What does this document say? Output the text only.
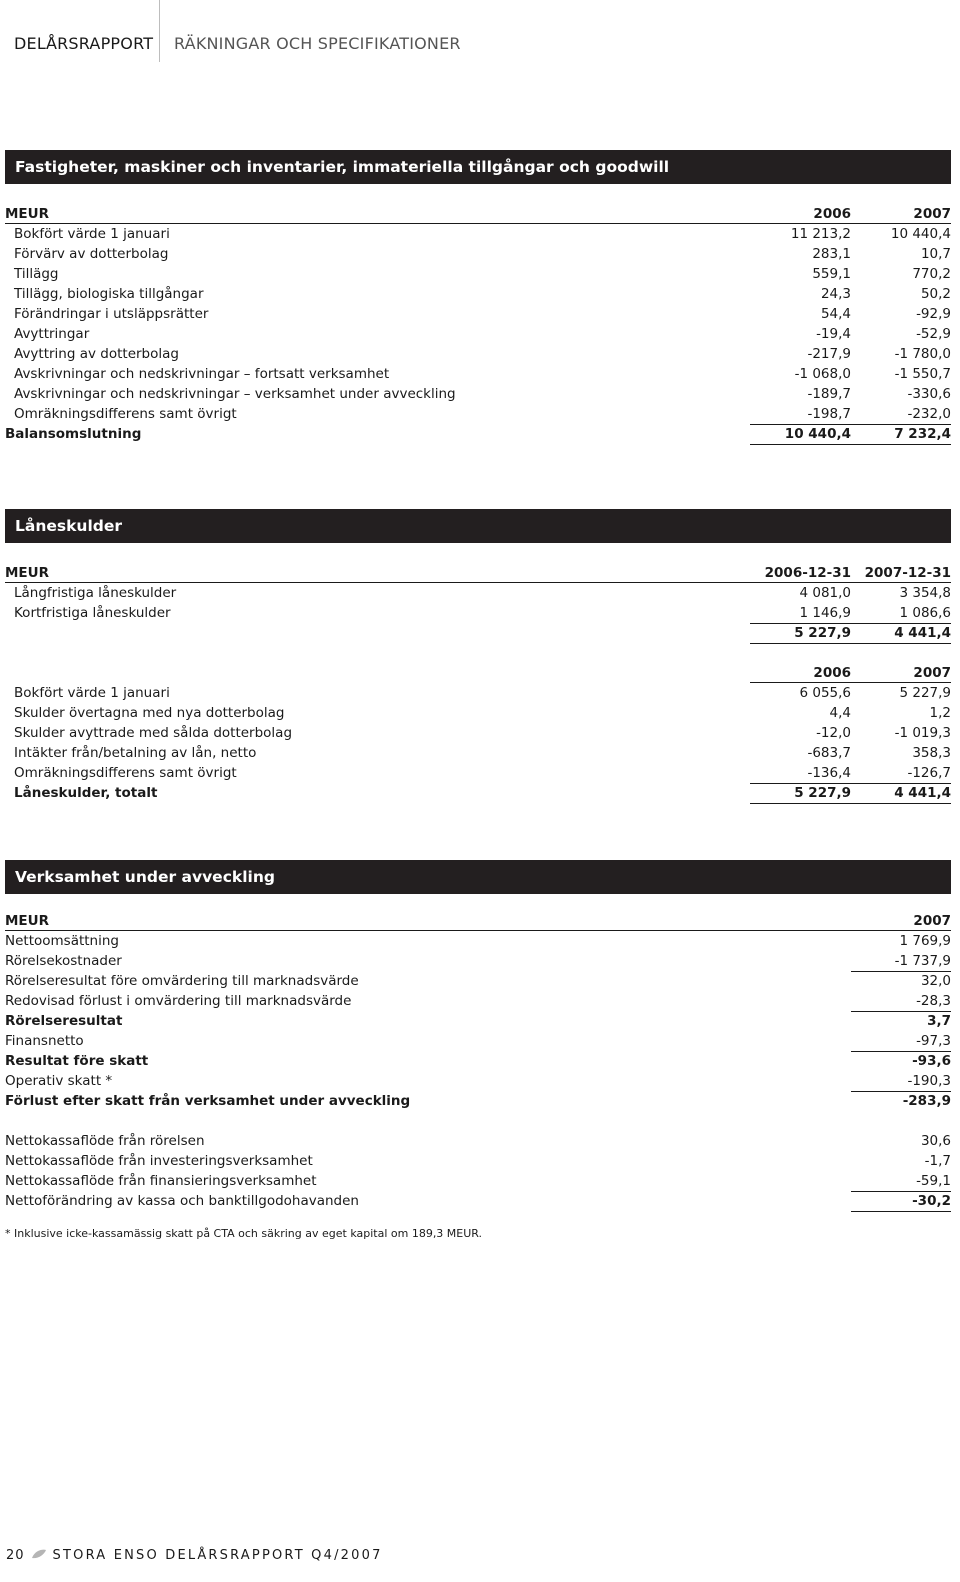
DELÅRSRAPPORT RÄKNINGAR OCH SPECIFIKATIONER
Fastigheter, maskiner och inventarier, immateriella tillgångar och goodwill
MEUR	2006	2007
Bokfört värde 1 januari	11 213,2	10 440,4
Förvärv av dotterbolag	283,1	10,7
Tillägg	559,1	770,2
Tillägg, biologiska tillgångar	24,3	50,2
Förändringar i utsläppsrätter	54,4	-92,9
Avyttringar	-19,4	-52,9
Avyttring av dotterbolag	-217,9	-1 780,0
Avskrivningar och nedskrivningar – fortsatt verksamhet	-1 068,0	-1 550,7
Avskrivningar och nedskrivningar – verksamhet under avveckling	-189,7	-330,6
Omräkningsdifferens samt övrigt	-198,7	-232,0
Balansomslutning	10 440,4	7 232,4
Låneskulder
MEUR	2006-12-31	2007-12-31
Långfristiga låneskulder	4 081,0	3 354,8
Kortfristiga låneskulder	1 146,9	1 086,6
5 227,9	4 441,4
2006	2007
Bokfört värde 1 januari	6 055,6	5 227,9
Skulder övertagna med nya dotterbolag	4,4	1,2
Skulder avyttrade med sålda dotterbolag	-12,0	-1 019,3
Intäkter från/betalning av lån, netto	-683,7	358,3
Omräkningsdifferens samt övrigt	-136,4	-126,7
Låneskulder, totalt	5 227,9	4 441,4
Verksamhet under avveckling
MEUR	2007
Nettoomsättning	1 769,9
Rörelsekostnader	-1 737,9
Rörelseresultat före omvärdering till marknadsvärde	32,0
Redovisad förlust i omvärdering till marknadsvärde	-28,3
Rörelseresultat	3,7
Finansnetto	-97,3
Resultat före skatt	-93,6
Operativ skatt *	-190,3
Förlust efter skatt från verksamhet under avveckling	-283,9
Nettokassaflöde från rörelsen	30,6
Nettokassaflöde från investeringsverksamhet	-1,7
Nettokassaflöde från finansieringsverksamhet	-59,1
Nettoförändring av kassa och banktillgodohavanden	-30,2
* Inklusive icke-kassamässig skatt på CTA och säkring av eget kapital om 189,3 MEUR.
20 STORA ENSO DELÅRSRAPPORT Q4/2007
